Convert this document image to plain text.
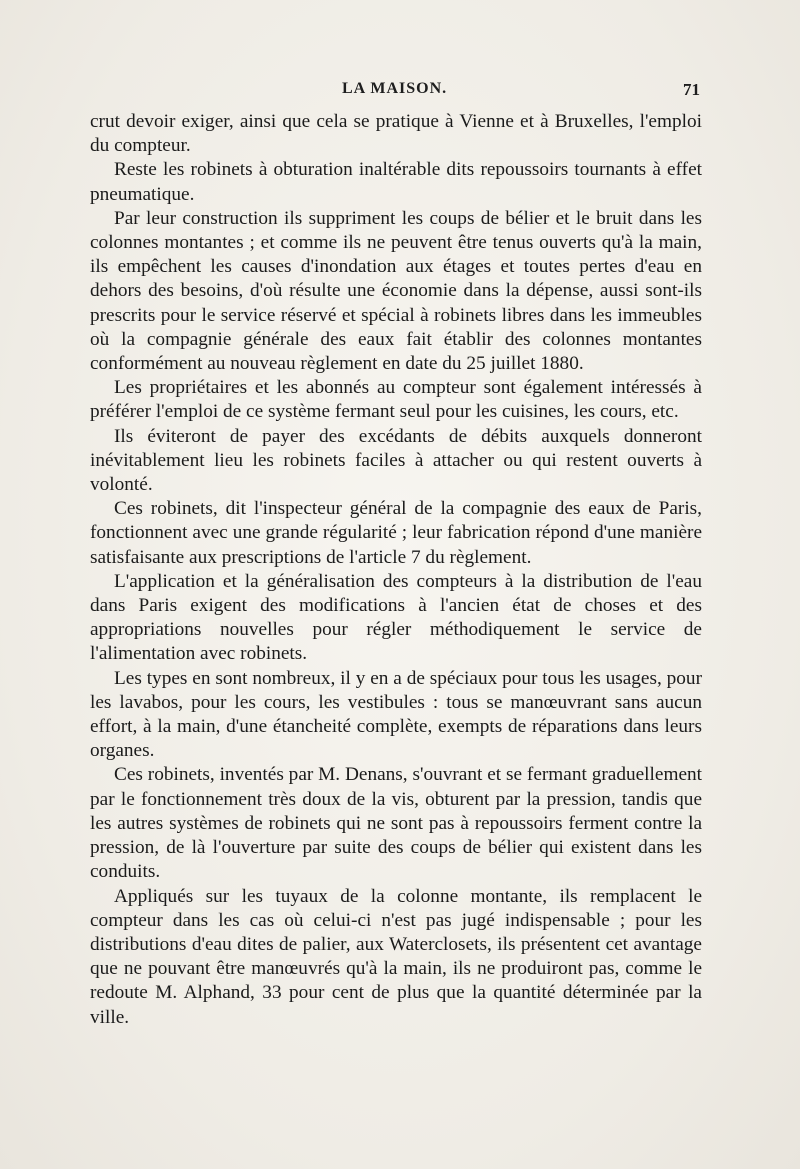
LA MAISON.	71

crut devoir exiger, ainsi que cela se pratique à Vienne et à Bruxelles, l'emploi du compteur.

Reste les robinets à obturation inaltérable dits repoussoirs tournants à effet pneumatique.

Par leur construction ils suppriment les coups de bélier et le bruit dans les colonnes montantes ; et comme ils ne peuvent être tenus ouverts qu'à la main, ils empêchent les causes d'inondation aux étages et toutes pertes d'eau en dehors des besoins, d'où résulte une économie dans la dépense, aussi sont-ils prescrits pour le service réservé et spécial à robinets libres dans les immeubles où la compagnie générale des eaux fait établir des colonnes montantes conformément au nouveau règlement en date du 25 juillet 1880.

Les propriétaires et les abonnés au compteur sont également intéressés à préférer l'emploi de ce système fermant seul pour les cuisines, les cours, etc.

Ils éviteront de payer des excédants de débits auxquels donneront inévitablement lieu les robinets faciles à attacher ou qui restent ouverts à volonté.

Ces robinets, dit l'inspecteur général de la compagnie des eaux de Paris, fonctionnent avec une grande régularité ; leur fabrication répond d'une manière satisfaisante aux prescriptions de l'article 7 du règlement.

L'application et la généralisation des compteurs à la distribution de l'eau dans Paris exigent des modifications à l'ancien état de choses et des appropriations nouvelles pour régler méthodiquement le service de l'alimentation avec robinets.

Les types en sont nombreux, il y en a de spéciaux pour tous les usages, pour les lavabos, pour les cours, les vestibules : tous se manœuvrant sans aucun effort, à la main, d'une étancheité complète, exempts de réparations dans leurs organes.

Ces robinets, inventés par M. Denans, s'ouvrant et se fermant graduellement par le fonctionnement très doux de la vis, obturent par la pression, tandis que les autres systèmes de robinets qui ne sont pas à repoussoirs ferment contre la pression, de là l'ouverture par suite des coups de bélier qui existent dans les conduits.

Appliqués sur les tuyaux de la colonne montante, ils remplacent le compteur dans les cas où celui-ci n'est pas jugé indispensable ; pour les distributions d'eau dites de palier, aux Waterclosets, ils présentent cet avantage que ne pouvant être manœuvrés qu'à la main, ils ne produiront pas, comme le redoute M. Alphand, 33 pour cent de plus que la quantité déterminée par la ville.
